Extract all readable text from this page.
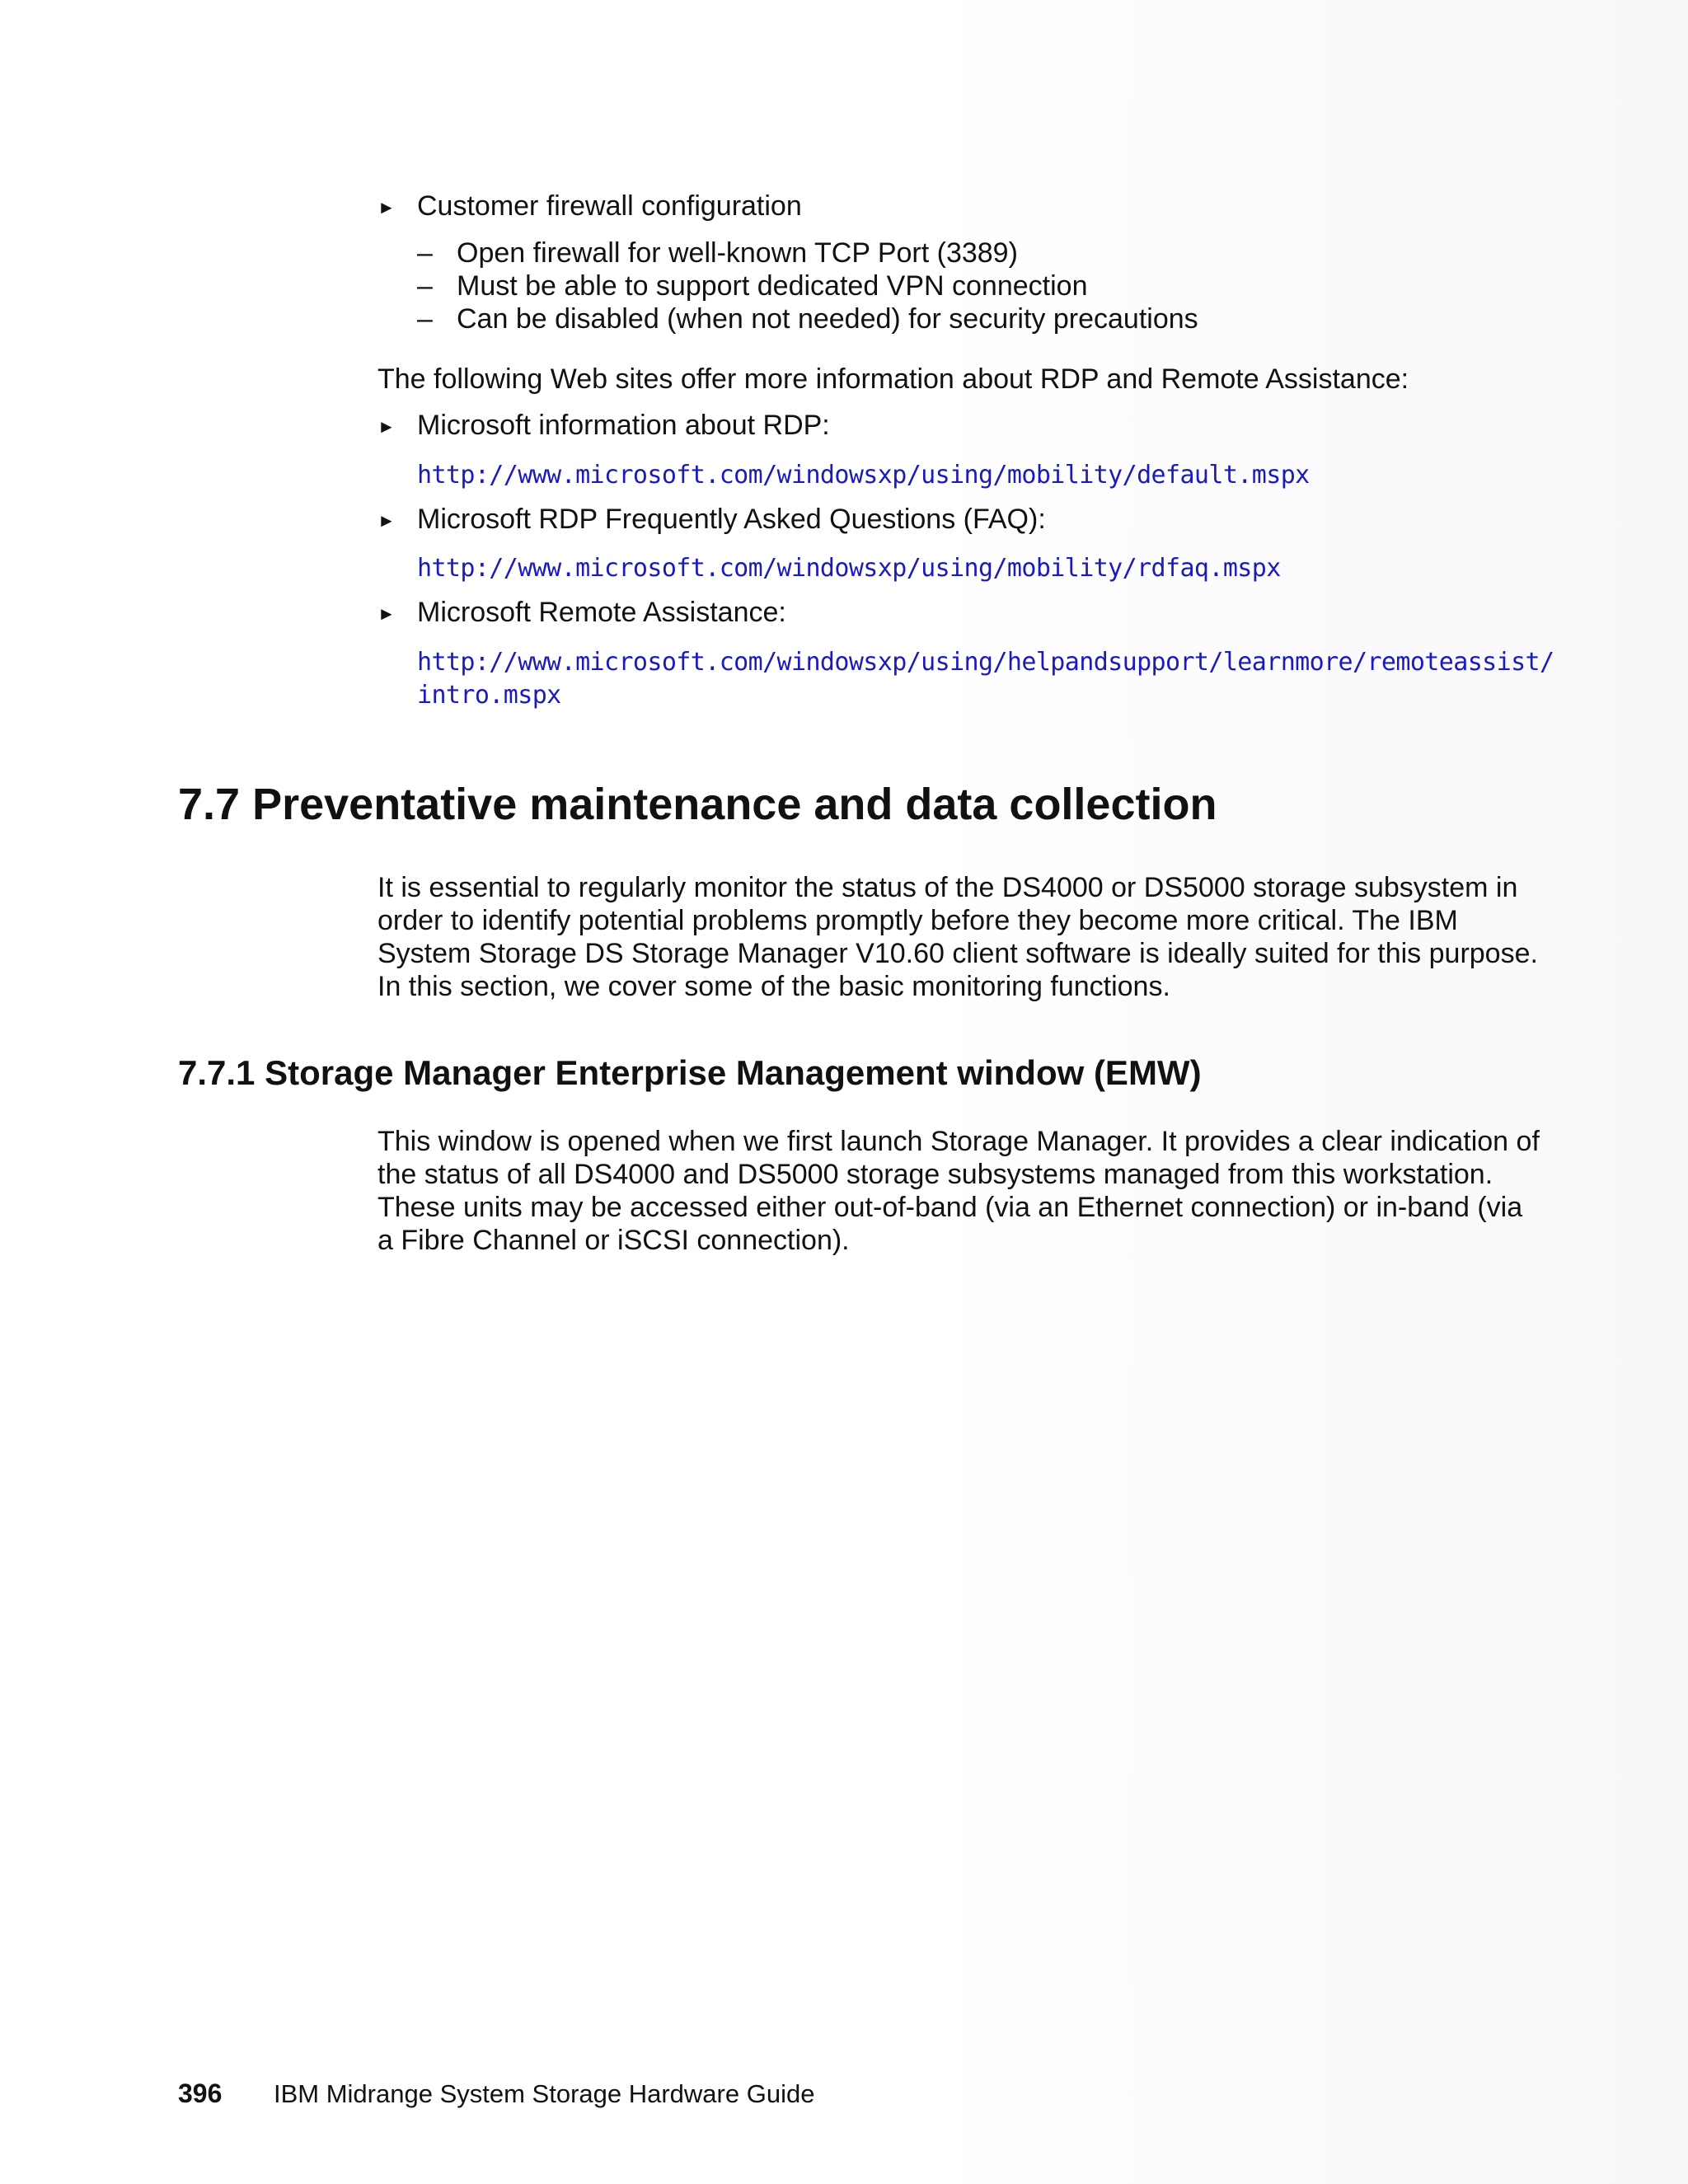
► Customer firewall configuration
– Open firewall for well-known TCP Port (3389)
– Must be able to support dedicated VPN connection
– Can be disabled (when not needed) for security precautions
The following Web sites offer more information about RDP and Remote Assistance:
► Microsoft information about RDP:
http://www.microsoft.com/windowsxp/using/mobility/default.mspx
► Microsoft RDP Frequently Asked Questions (FAQ):
http://www.microsoft.com/windowsxp/using/mobility/rdfaq.mspx
► Microsoft Remote Assistance:
http://www.microsoft.com/windowsxp/using/helpandsupport/learnmore/remoteassist/
intro.mspx
7.7 Preventative maintenance and data collection
It is essential to regularly monitor the status of the DS4000 or DS5000 storage subsystem in
order to identify potential problems promptly before they become more critical. The IBM
System Storage DS Storage Manager V10.60 client software is ideally suited for this purpose.
In this section, we cover some of the basic monitoring functions.
7.7.1 Storage Manager Enterprise Management window (EMW)
This window is opened when we first launch Storage Manager. It provides a clear indication of
the status of all DS4000 and DS5000 storage subsystems managed from this workstation.
These units may be accessed either out-of-band (via an Ethernet connection) or in-band (via
a Fibre Channel or iSCSI connection).
396 IBM Midrange System Storage Hardware Guide
